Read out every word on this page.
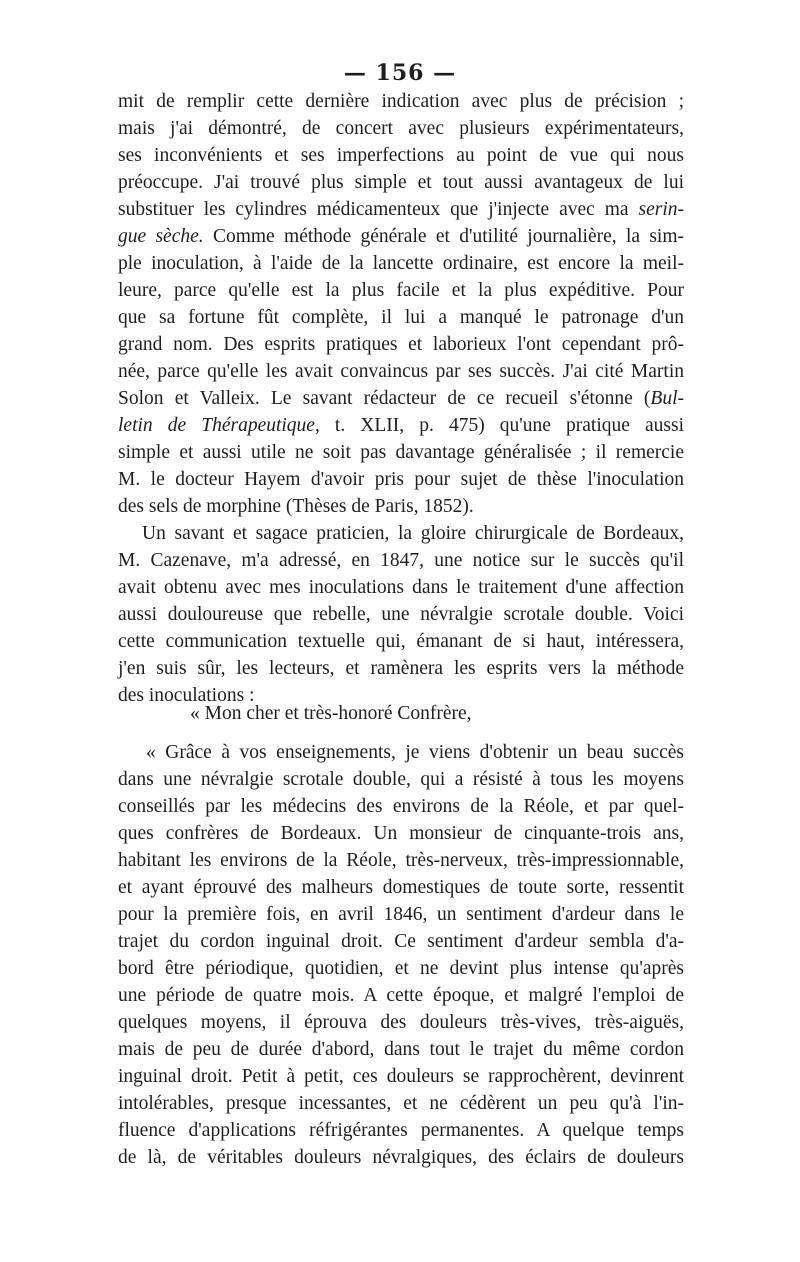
— 156 —
mit de remplir cette dernière indication avec plus de précision ;
mais j'ai démontré, de concert avec plusieurs expérimentateurs,
ses inconvénients et ses imperfections au point de vue qui nous
préoccupe. J'ai trouvé plus simple et tout aussi avantageux de lui
substituer les cylindres médicamenteux que j'injecte avec ma serin-
gue sèche. Comme méthode générale et d'utilité journalière, la sim-
ple inoculation, à l'aide de la lancette ordinaire, est encore la meil-
leure, parce qu'elle est la plus facile et la plus expéditive. Pour
que sa fortune fût complète, il lui a manqué le patronage d'un
grand nom. Des esprits pratiques et laborieux l'ont cependant prô-
née, parce qu'elle les avait convaincus par ses succès. J'ai cité Martin
Solon et Valleix. Le savant rédacteur de ce recueil s'étonne (Bul-
letin de Thérapeutique, t. XLII, p. 475) qu'une pratique aussi
simple et aussi utile ne soit pas davantage généralisée ; il remercie
M. le docteur Hayem d'avoir pris pour sujet de thèse l'inoculation
des sels de morphine (Thèses de Paris, 1852).
Un savant et sagace praticien, la gloire chirurgicale de Bordeaux,
M. Cazenave, m'a adressé, en 1847, une notice sur le succès qu'il
avait obtenu avec mes inoculations dans le traitement d'une affection
aussi douloureuse que rebelle, une névralgie scrotale double. Voici
cette communication textuelle qui, émanant de si haut, intéressera,
j'en suis sûr, les lecteurs, et ramènera les esprits vers la méthode
des inoculations :
« Mon cher et très-honoré Confrère,
« Grâce à vos enseignements, je viens d'obtenir un beau succès
dans une névralgie scrotale double, qui a résisté à tous les moyens
conseillés par les médecins des environs de la Réole, et par quel-
ques confrères de Bordeaux. Un monsieur de cinquante-trois ans,
habitant les environs de la Réole, très-nerveux, très-impressionnable,
et ayant éprouvé des malheurs domestiques de toute sorte, ressentit
pour la première fois, en avril 1846, un sentiment d'ardeur dans le
trajet du cordon inguinal droit. Ce sentiment d'ardeur sembla d'a-
bord être périodique, quotidien, et ne devint plus intense qu'après
une période de quatre mois. A cette époque, et malgré l'emploi de
quelques moyens, il éprouva des douleurs très-vives, très-aiguës,
mais de peu de durée d'abord, dans tout le trajet du même cordon
inguinal droit. Petit à petit, ces douleurs se rapprochèrent, devinrent
intolérables, presque incessantes, et ne cédèrent un peu qu'à l'in-
fluence d'applications réfrigérantes permanentes. A quelque temps
de là, de véritables douleurs névralgiques, des éclairs de douleurs
